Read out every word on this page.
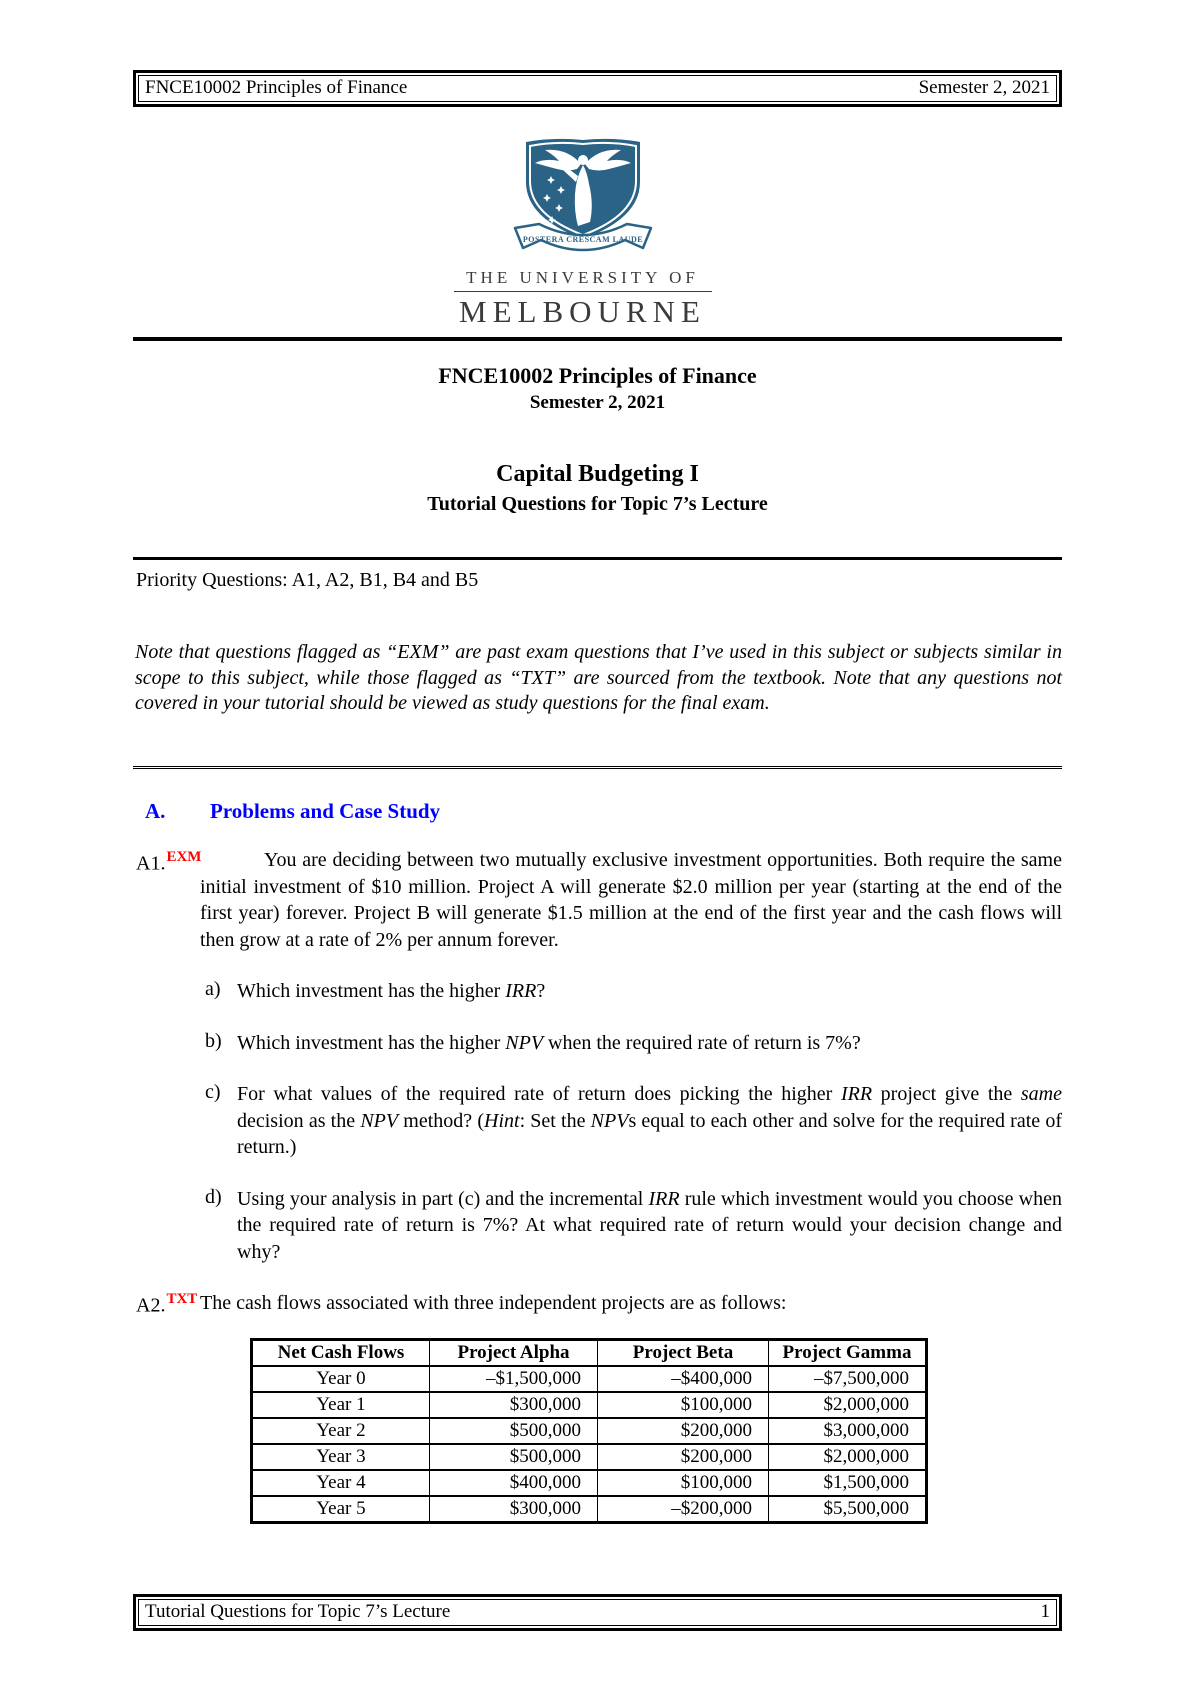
FNCE10002 Principles of Finance	Semester 2, 2021
POSTERA CRESCAM LAUDE
THE UNIVERSITY OF
MELBOURNE
FNCE10002 Principles of Finance
Semester 2, 2021
Capital Budgeting I
Tutorial Questions for Topic 7’s Lecture
Priority Questions: A1, A2, B1, B4 and B5
Note that questions flagged as “EXM” are past exam questions that I’ve used in this subject or subjects similar in scope to this subject, while those flagged as “TXT” are sourced from the textbook. Note that any questions not covered in your tutorial should be viewed as study questions for the final exam.
A. Problems and Case Study
A1.$^{EXM}$	You are deciding between two mutually exclusive investment opportunities. Both require the same initial investment of $10 million. Project A will generate $2.0 million per year (starting at the end of the first year) forever. Project B will generate $1.5 million at the end of the first year and the cash flows will then grow at a rate of 2% per annum forever.
a) Which investment has the higher IRR?
b) Which investment has the higher NPV when the required rate of return is 7%?
c) For what values of the required rate of return does picking the higher IRR project give the same decision as the NPV method? (Hint: Set the NPVs equal to each other and solve for the required rate of return.)
d) Using your analysis in part (c) and the incremental IRR rule which investment would you choose when the required rate of return is 7%? At what required rate of return would your decision change and why?
A2.$^{TXT}$ The cash flows associated with three independent projects are as follows:
Net Cash Flows	Project Alpha	Project Beta	Project Gamma
Year 0	–$1,500,000	–$400,000	–$7,500,000
Year 1	$300,000	$100,000	$2,000,000
Year 2	$500,000	$200,000	$3,000,000
Year 3	$500,000	$200,000	$2,000,000
Year 4	$400,000	$100,000	$1,500,000
Year 5	$300,000	–$200,000	$5,500,000
Tutorial Questions for Topic 7’s Lecture	1
